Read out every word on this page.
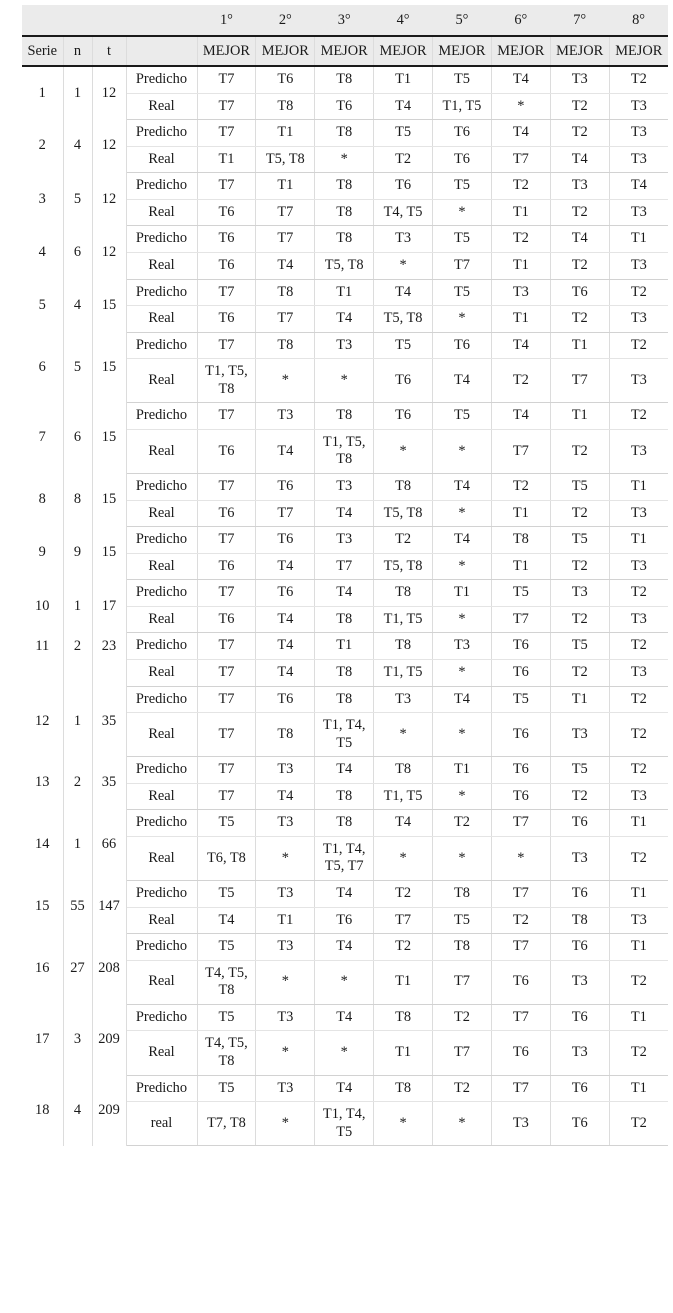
				1°	2°	3°	4°	5°	6°	7°	8°
Serie	n	t		MEJOR	MEJOR	MEJOR	MEJOR	MEJOR	MEJOR	MEJOR	MEJOR
1	1	12	Predicho	T7	T6	T8	T1	T5	T4	T3	T2
			Real	T7	T8	T6	T4	T1, T5	*	T2	T3
2	4	12	Predicho	T7	T1	T8	T5	T6	T4	T2	T3
			Real	T1	T5, T8	*	T2	T6	T7	T4	T3
3	5	12	Predicho	T7	T1	T8	T6	T5	T2	T3	T4
			Real	T6	T7	T8	T4, T5	*	T1	T2	T3
4	6	12	Predicho	T6	T7	T8	T3	T5	T2	T4	T1
			Real	T6	T4	T5, T8	*	T7	T1	T2	T3
5	4	15	Predicho	T7	T8	T1	T4	T5	T3	T6	T2
			Real	T6	T7	T4	T5, T8	*	T1	T2	T3
6	5	15	Predicho	T7	T8	T3	T5	T6	T4	T1	T2
			Real	T1, T5, T8	*	*	T6	T4	T2	T7	T3
7	6	15	Predicho	T7	T3	T8	T6	T5	T4	T1	T2
			Real	T6	T4	T1, T5, T8	*	*	T7	T2	T3
8	8	15	Predicho	T7	T6	T3	T8	T4	T2	T5	T1
			Real	T6	T7	T4	T5, T8	*	T1	T2	T3
9	9	15	Predicho	T7	T6	T3	T2	T4	T8	T5	T1
			Real	T6	T4	T7	T5, T8	*	T1	T2	T3
10	1	17	Predicho	T7	T6	T4	T8	T1	T5	T3	T2
			Real	T6	T4	T8	T1, T5	*	T7	T2	T3
11	2	23	Predicho	T7	T4	T1	T8	T3	T6	T5	T2
			Real	T7	T4	T8	T1, T5	*	T6	T2	T3
12	1	35	Predicho	T7	T6	T8	T3	T4	T5	T1	T2
			Real	T7	T8	T1, T4, T5	*	*	T6	T3	T2
13	2	35	Predicho	T7	T3	T4	T8	T1	T6	T5	T2
			Real	T7	T4	T8	T1, T5	*	T6	T2	T3
14	1	66	Predicho	T5	T3	T8	T4	T2	T7	T6	T1
			Real	T6, T8	*	T1, T4, T5, T7	*	*	*	T3	T2
15	55	147	Predicho	T5	T3	T4	T2	T8	T7	T6	T1
			Real	T4	T1	T6	T7	T5	T2	T8	T3
16	27	208	Predicho	T5	T3	T4	T2	T8	T7	T6	T1
			Real	T4, T5, T8	*	*	T1	T7	T6	T3	T2
17	3	209	Predicho	T5	T3	T4	T8	T2	T7	T6	T1
			Real	T4, T5, T8	*	*	T1	T7	T6	T3	T2
18	4	209	Predicho	T5	T3	T4	T8	T2	T7	T6	T1
			real	T7, T8	*	T1, T4, T5	*	*	T3	T6	T2
